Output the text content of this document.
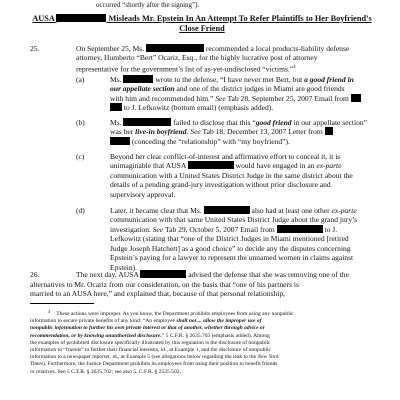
occurred “shortly after the signing”).
AUSA	Misleads Mr. Epstein In An Attempt To Refer Plaintiffs to Her Boyfriend’s Close Friend
25.	On September 25, Ms.	recommended a local products-liability defense
attorney, Humberto “Bert” Ocariz, Esq., for the highly lucrative post of attorney
representative for the government’s list of as-yet-undisclosed “victims.”$^4$
(a)	Ms.	wrote to the defense, “I have never met Bert, but a good friend in
our appellate section and one of the district judges in Miami are good friends
with him and recommended him.” See Tab 28, September 25, 2007 Email from
to J. Lefkowitz (bottom email) (emphasis added).
(b)	Ms.	failed to disclose that this “good friend in our appellate section”
was her live-in boyfriend. See Tab 18, December 13, 2007 Letter from
(conceding the “relationship” with “my boyfriend”).
(c)	Beyond her clear conflict-of-interest and affirmative effort to conceal it, it is
unimaginable that AUSA	would have engaged in an ex-parte
communication with a United States District Judge in the same district about the
details of a pending grand-jury investigation without prior disclosure and
supervisory approval.
(d)	Later, it became clear that Ms.	also had at least one other ex-parte
communication with that same United States District Judge about the grand jury’s
investigation. See Tab 29, October 5, 2007 Email from	to J.
Lefkowitz (stating that “one of the District Judges in Miami mentioned [retired
Judge Joseph Hatchett] as a good choice” to decide any the disputes concerning
Epstein’s paying for a lawyer to represent the unnamed women in claims against
Epstein).
26.	The next day, AUSA	advised the defense that she was removing one of the
alternatives to Mr. Ocariz from our consideration, on the basis that “one of his partners is
married to an AUSA here,” and explained that, because of that personal relationship,
$^4$ These actions were improper. As you know, the Department prohibits employees from using any nonpublic
information to secure private benefits of any kind: “An employee shall not ... allow the improper use of
nonpublic information to further his own private interest or that of another, whether through advice or
recommendation, or by knowing unauthorized disclosure.” 5 C.F.R. § 2635.703 (emphasis added). Among
the examples of prohibited disclosure specifically illustrated by this regulation is the disclosure of nonpublic
information to “friends” to further their financial interests, id., at Example 1, and the disclosure of nonpublic
information to a newspaper reporter, id., at Example 5 (see allegations below regarding the leak to the New York
Times). Furthermore, the Justice Department prohibits its employees from using their position to benefit friends
or relatives. See 5 C.F.R. § 2635.702; see also 5. C.F.R. § 2535.502.
